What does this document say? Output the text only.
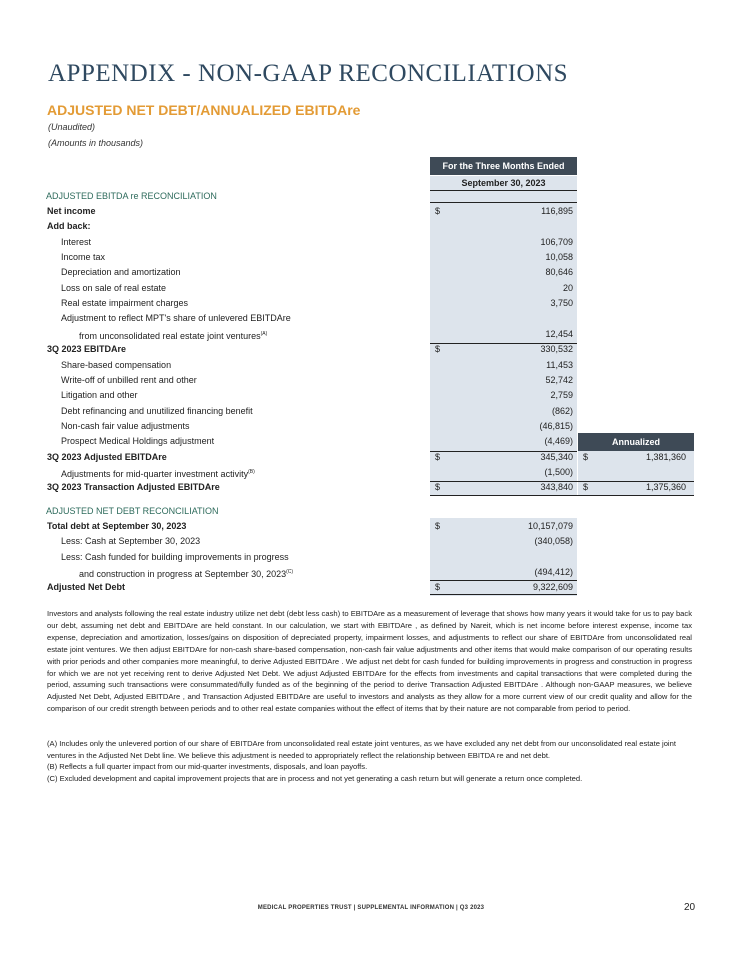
APPENDIX - NON-GAAP RECONCILIATIONS
ADJUSTED NET DEBT/ANNUALIZED EBITDAre
(Unaudited)
(Amounts in thousands)
For the Three Months Ended
September 30, 2023
Annualized
ADJUSTED EBITDA re RECONCILIATION
Net income	$	116,895
Add back:
Interest	106,709
Income tax	10,058
Depreciation and amortization	80,646
Loss on sale of real estate	20
Real estate impairment charges	3,750
Adjustment to reflect MPT's share of unlevered EBITDAre
from unconsolidated real estate joint ventures$^{(A)}$	12,454
3Q 2023 EBITDAre	$	330,532
Share-based compensation	11,453
Write-off of unbilled rent and other	52,742
Litigation and other	2,759
Debt refinancing and unutilized financing benefit	(862)
Non-cash fair value adjustments	(46,815)
Prospect Medical Holdings adjustment	(4,469)
3Q 2023 Adjusted EBITDAre	$	345,340 $	1,381,360
Adjustments for mid-quarter investment activity$^{(B)}$	(1,500)
3Q 2023 Transaction Adjusted EBITDAre	$	343,840 $	1,375,360
ADJUSTED NET DEBT RECONCILIATION
Total debt at September 30, 2023	$	10,157,079
Less: Cash at September 30, 2023	(340,058)
Less: Cash funded for building improvements in progress
and construction in progress at September 30, $2023^{(C)}$	(494,412)
Adjusted Net Debt	$	9,322,609
Investors and analysts following the real estate industry utilize net debt (debt less cash) to EBITDAre as a measurement of leverage that shows how many years it would take for us to pay back our debt, assuming net debt and EBITDAre are held constant. In our calculation, we start with EBITDAre , as defined by Nareit, which is net income before interest expense, income tax expense, depreciation and amortization, losses/gains on disposition of depreciated property, impairment losses, and adjustments to reflect our share of EBITDAre from unconsolidated real estate joint ventures. We then adjust EBITDAre for non-cash share-based compensation, non-cash fair value adjustments and other items that would make comparison of our operating results with prior periods and other companies more meaningful, to derive Adjusted EBITDAre . We adjust net debt for cash funded for building improvements in progress and construction in progress for which we are not yet receiving rent to derive Adjusted Net Debt. We adjust Adjusted EBITDAre for the effects from investments and capital transactions that were completed during the period, assuming such transactions were consummated/fully funded as of the beginning of the period to derive Transaction Adjusted EBITDAre . Although non-GAAP measures, we believe Adjusted Net Debt, Adjusted EBITDAre , and Transaction Adjusted EBITDAre are useful to investors and analysts as they allow for a more current view of our credit quality and allow for the comparison of our credit strength between periods and to other real estate companies without the effect of items that by their nature are not comparable from period to period.
(A) Includes only the unlevered portion of our share of EBITDAre from unconsolidated real estate joint ventures, as we have excluded any net debt from our unconsolidated real estate joint ventures in the Adjusted Net Debt line. We believe this adjustment is needed to appropriately reflect the relationship between EBITDA re and net debt.
(B) Reflects a full quarter impact from our mid-quarter investments, disposals, and loan payoffs.
(C) Excluded development and capital improvement projects that are in process and not yet generating a cash return but will generate a return once completed.
MEDICAL PROPERTIES TRUST | SUPPLEMENTAL INFORMATION | Q3 2023	20
